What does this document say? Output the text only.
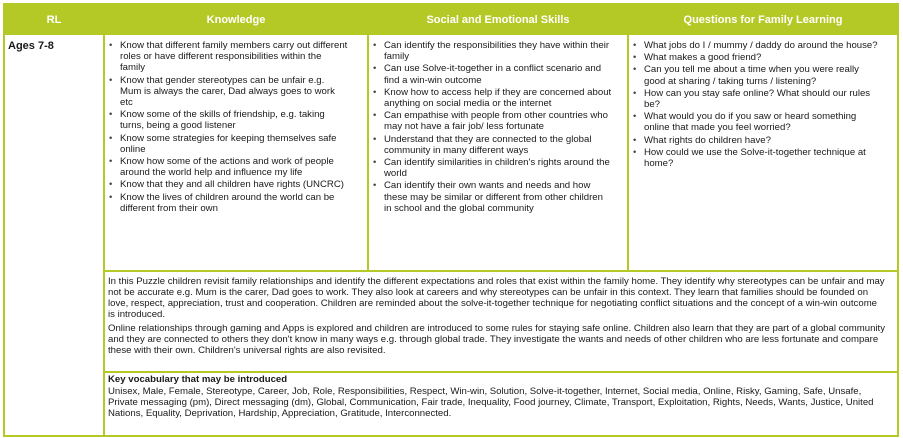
RL	Knowledge	Social and Emotional Skills	Questions for Family Learning
Ages 7-8
•	Know that different family members carry out different roles or have different responsibilities within the family
• Know that gender stereotypes can be unfair e.g. Mum is always the carer, Dad always goes to work etc
• Know some of the skills of friendship, e.g. taking turns, being a good listener
• Know some strategies for keeping themselves safe online
• Know how some of the actions and work of people around the world help and influence my life
• Know that they and all children have rights (UNCRC)
• Know the lives of children around the world can be different from their own
• Can identify the responsibilities they have within their family
• Can use Solve-it-together in a conflict scenario and find a win-win outcome
• Know how to access help if they are concerned about anything on social media or the internet
• Can empathise with people from other countries who may not have a fair job/ less fortunate
• Understand that they are connected to the global community in many different ways
• Can identify similarities in children's rights around the world
• Can identify their own wants and needs and how these may be similar or different from other children in school and the global community
• What jobs do I / mummy / daddy do around the house?
• What makes a good friend?
• Can you tell me about a time when you were really good at sharing / taking turns / listening?
• How can you stay safe online? What should our rules be?
• What would you do if you saw or heard something online that made you feel worried?
• What rights do children have?
• How could we use the Solve-it-together technique at home?

In this Puzzle children revisit family relationships and identify the different expectations and roles that exist within the family home. They identify why stereotypes can be unfair and may not be accurate e.g. Mum is the carer, Dad goes to work. They also look at careers and why stereotypes can be unfair in this context. They learn that families should be founded on love, respect, appreciation, trust and cooperation. Children are reminded about the solve-it-together technique for negotiating conflict situations and the concept of a win-win outcome is introduced.

Online relationships through gaming and Apps is explored and children are introduced to some rules for staying safe online. Children also learn that they are part of a global community and they are connected to others they don't know in many ways e.g. through global trade. They investigate the wants and needs of other children who are less fortunate and compare these with their own. Children's universal rights are also revisited.

Key vocabulary that may be introduced
Unisex, Male, Female, Stereotype, Career, Job, Role, Responsibilities, Respect, Win-win, Solution, Solve-it-together, Internet, Social media, Online, Risky, Gaming, Safe, Unsafe, Private messaging (pm), Direct messaging (dm), Global, Communication, Fair trade, Inequality, Food journey, Climate, Transport, Exploitation, Rights, Needs, Wants, Justice, United Nations, Equality, Deprivation, Hardship, Appreciation, Gratitude, Interconnected.
